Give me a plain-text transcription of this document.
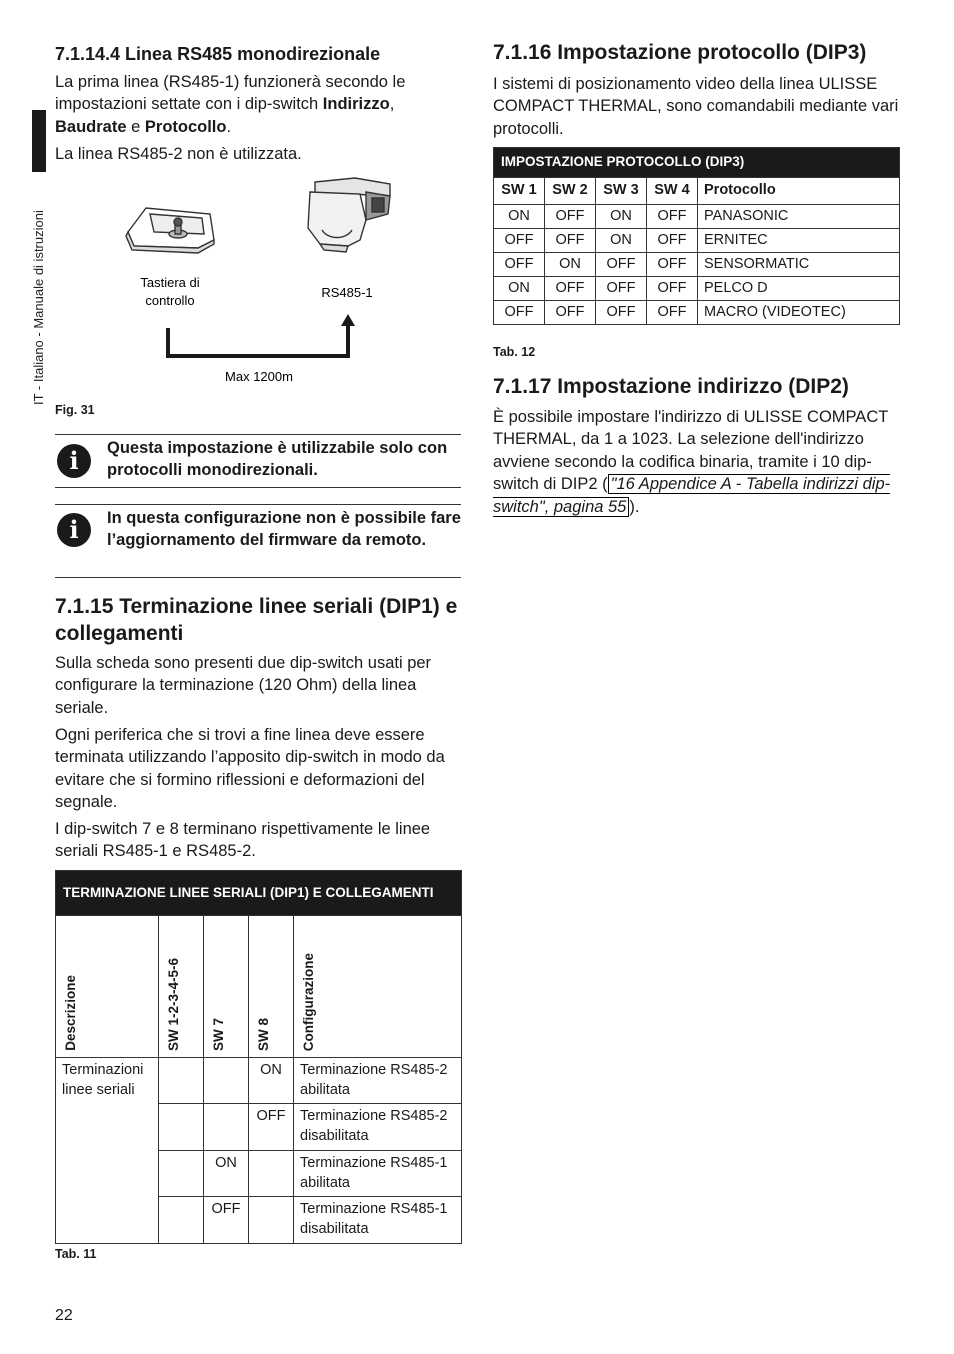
IT - Italiano - Manuale di istruzioni
7.1.14.4 Linea RS485 monodirezionale

La prima linea (RS485-1) funzionerà secondo le impostazioni settate con i dip-switch Indirizzo, Baudrate e Protocollo.

La linea RS485-2 non è utilizzata.

Tastiera di controllo
RS485-1
Max 1200m
Fig. 31
i	Questa impostazione è utilizzabile solo con protocolli monodirezionali.
i	In questa configurazione non è possibile fare l’aggiornamento del firmware da remoto.
7.1.15 Terminazione linee seriali (DIP1) e collegamenti

Sulla scheda sono presenti due dip-switch usati per configurare la terminazione (120 Ohm) della linea seriale.

Ogni periferica che si trovi a fine linea deve essere terminata utilizzando l’apposito dip-switch in modo da evitare che si formino riflessioni e deformazioni del segnale.

I dip-switch 7 e 8 terminano rispettivamente le linee seriali RS485-1 e RS485-2.

TERMINAZIONE LINEE SERIALI (DIP1) E COLLEGAMENTI				

Descrizione	SW 1-2-3-4-5-6	SW 7	SW 8	Configurazione

Terminazioni linee seriali			ON	Terminazione RS485-2 abilitata
			OFF	Terminazione RS485-2 disabilitata
		ON		Terminazione RS485-1 abilitata
		OFF		Terminazione RS485-1 disabilitata
Tab. 11
22
7.1.16 Impostazione protocollo (DIP3)

I sistemi di posizionamento video della linea ULISSE COMPACT THERMAL, sono comandabili mediante vari protocolli.

IMPOSTAZIONE PROTOCOLLO (DIP3)				
SW 1	SW 2	SW 3	SW 4	Protocollo
ON	OFF	ON	OFF	PANASONIC
OFF	OFF	ON	OFF	ERNITEC
OFF	ON	OFF	OFF	SENSORMATIC
ON	OFF	OFF	OFF	PELCO D
OFF	OFF	OFF	OFF	MACRO (VIDEOTEC)
Tab. 12
7.1.17 Impostazione indirizzo (DIP2)

È possibile impostare l'indirizzo di ULISSE COMPACT THERMAL, da 1 a 1023. La selezione dell'indirizzo avviene secondo la codifica binaria, tramite i 10 dip-switch di DIP2 ( "16 Appendice A - Tabella indirizzi dip-switch", pagina 55 ).
